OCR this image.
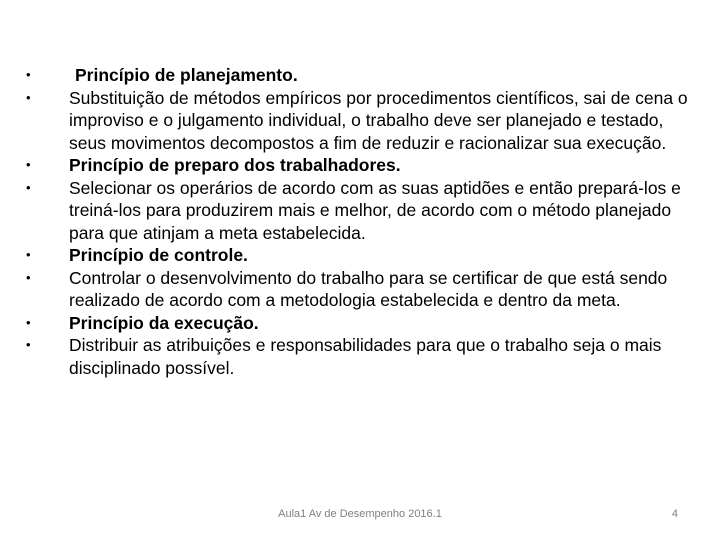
•	Princípio de planejamento.
•	Substituição de métodos empíricos por procedimentos científicos, sai de cena o improviso e o julgamento individual, o trabalho deve ser planejado e testado, seus movimentos decompostos a fim de reduzir e racionalizar sua execução.
•	Princípio de preparo dos trabalhadores.
•	Selecionar os operários de acordo com as suas aptidões e então prepará-los e treiná-los para produzirem mais e melhor, de acordo com o método planejado para que atinjam a meta estabelecida.
•	Princípio de controle.
•	Controlar o desenvolvimento do trabalho para se certificar de que está sendo realizado de acordo com a metodologia estabelecida e dentro da meta.
•	Princípio da execução.
•	Distribuir as atribuições e responsabilidades para que o trabalho seja o mais disciplinado possível.
Aula1 Av de Desempenho 2016.1	4
